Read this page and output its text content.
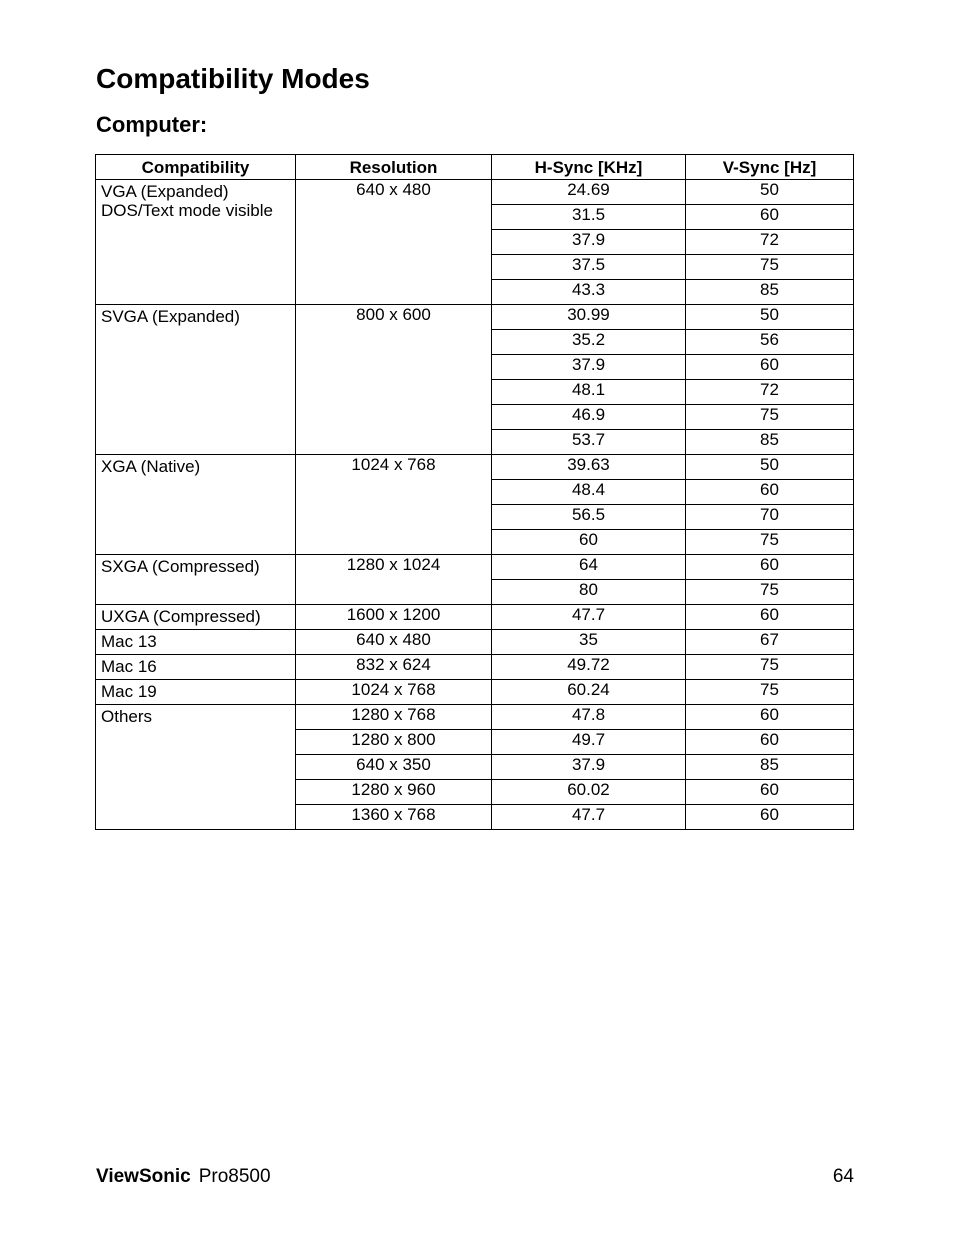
Compatibility Modes
Computer:
Compatibility	Resolution	H-Sync [KHz]	V-Sync [Hz]

VGA (Expanded)
DOS/Text mode visible	640 x 480	24.69	50
		31.5	60
		37.9	72
		37.5	75
		43.3	85

SVGA (Expanded)	800 x 600	30.99	50
		35.2	56
		37.9	60
		48.1	72
		46.9	75
		53.7	85

XGA (Native)	1024 x 768	39.63	50
		48.4	60
		56.5	70
		60	75

SXGA (Compressed)	1280 x 1024	64	60
		80	75

UXGA (Compressed)	1600 x 1200	47.7	60

Mac 13	640 x 480	35	67

Mac 16	832 x 624	49.72	75

Mac 19	1024 x 768	60.24	75

Others	1280 x 768	47.8	60
	1280 x 800	49.7	60
	640 x 350	37.9	85
	1280 x 960	60.02	60
	1360 x 768	47.7	60
ViewSonic Pro8500	64
